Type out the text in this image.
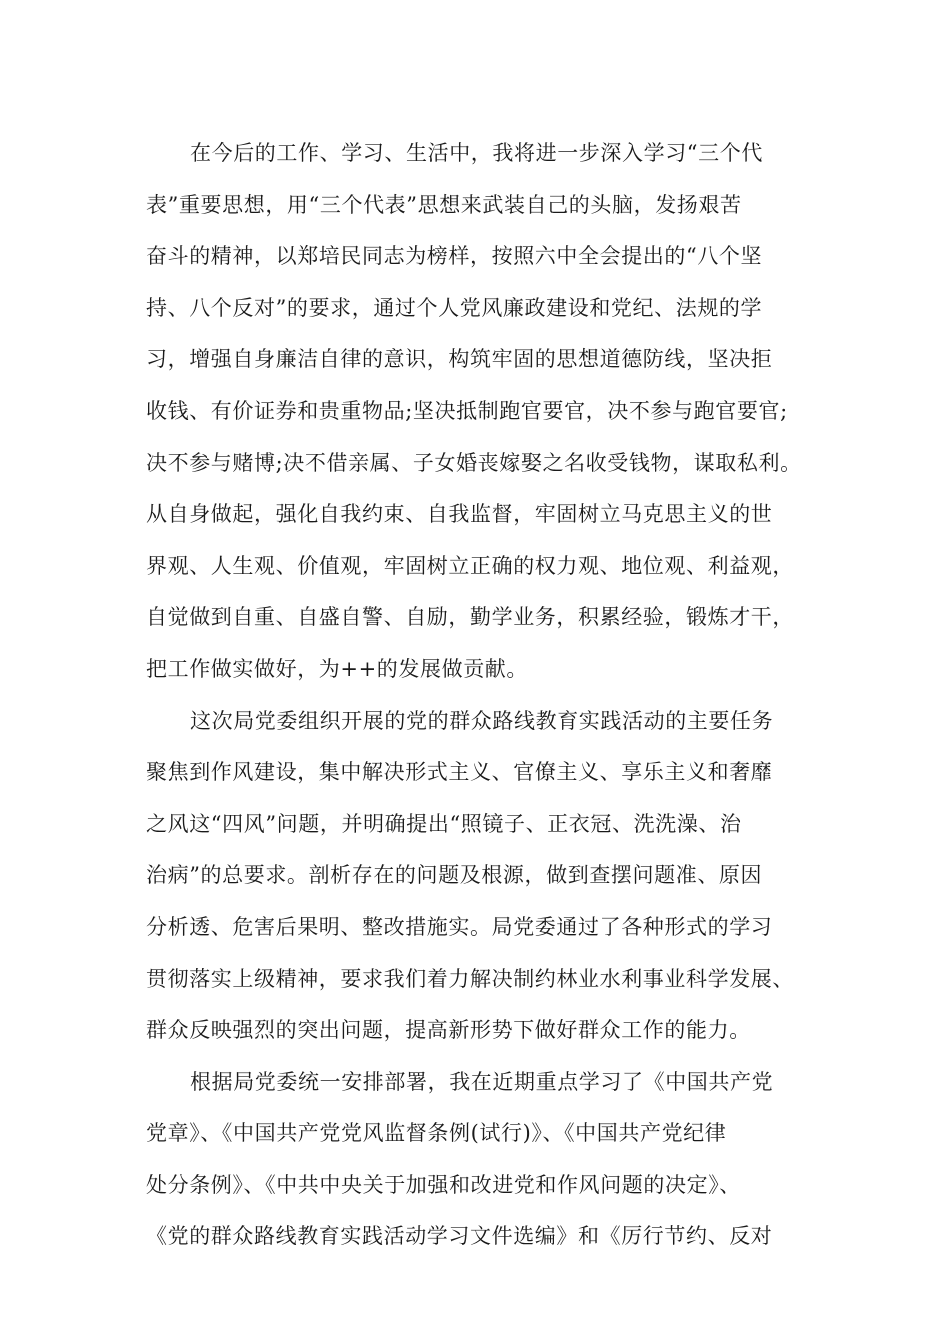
在今后的工作、学习、生活中，我将进一步深入学习“三个代
表”重要思想，用“三个代表”思想来武装自己的头脑，发扬艰苦
奋斗的精神，以郑培民同志为榜样，按照六中全会提出的“八个坚
持、八个反对”的要求，通过个人党风廉政建设和党纪、法规的学
习，增强自身廉洁自律的意识，构筑牢固的思想道德防线，坚决拒
收钱、有价证券和贵重物品;坚决抵制跑官要官，决不参与跑官要官;
决不参与赌博;决不借亲属、子女婚丧嫁娶之名收受钱物，谋取私利。
从自身做起，强化自我约束、自我监督，牢固树立马克思主义的世
界观、人生观、价值观，牢固树立正确的权力观、地位观、利益观，
自觉做到自重、自盛自警、自励，勤学业务，积累经验，锻炼才干，
把工作做实做好，为++的发展做贡献。
这次局党委组织开展的党的群众路线教育实践活动的主要任务
聚焦到作风建设，集中解决形式主义、官僚主义、享乐主义和奢靡
之风这“四风”问题，并明确提出“照镜子、正衣冠、洗洗澡、治
治病”的总要求。剖析存在的问题及根源，做到查摆问题准、原因
分析透、危害后果明、整改措施实。局党委通过了各种形式的学习
贯彻落实上级精神，要求我们着力解决制约林业水利事业科学发展、
群众反映强烈的突出问题，提高新形势下做好群众工作的能力。
根据局党委统一安排部署，我在近期重点学习了《中国共产党
党章》、《中国共产党党风监督条例(试行)》、《中国共产党纪律
处分条例》、《中共中央关于加强和改进党和作风问题的决定》、
《党的群众路线教育实践活动学习文件选编》和《厉行节约、反对
